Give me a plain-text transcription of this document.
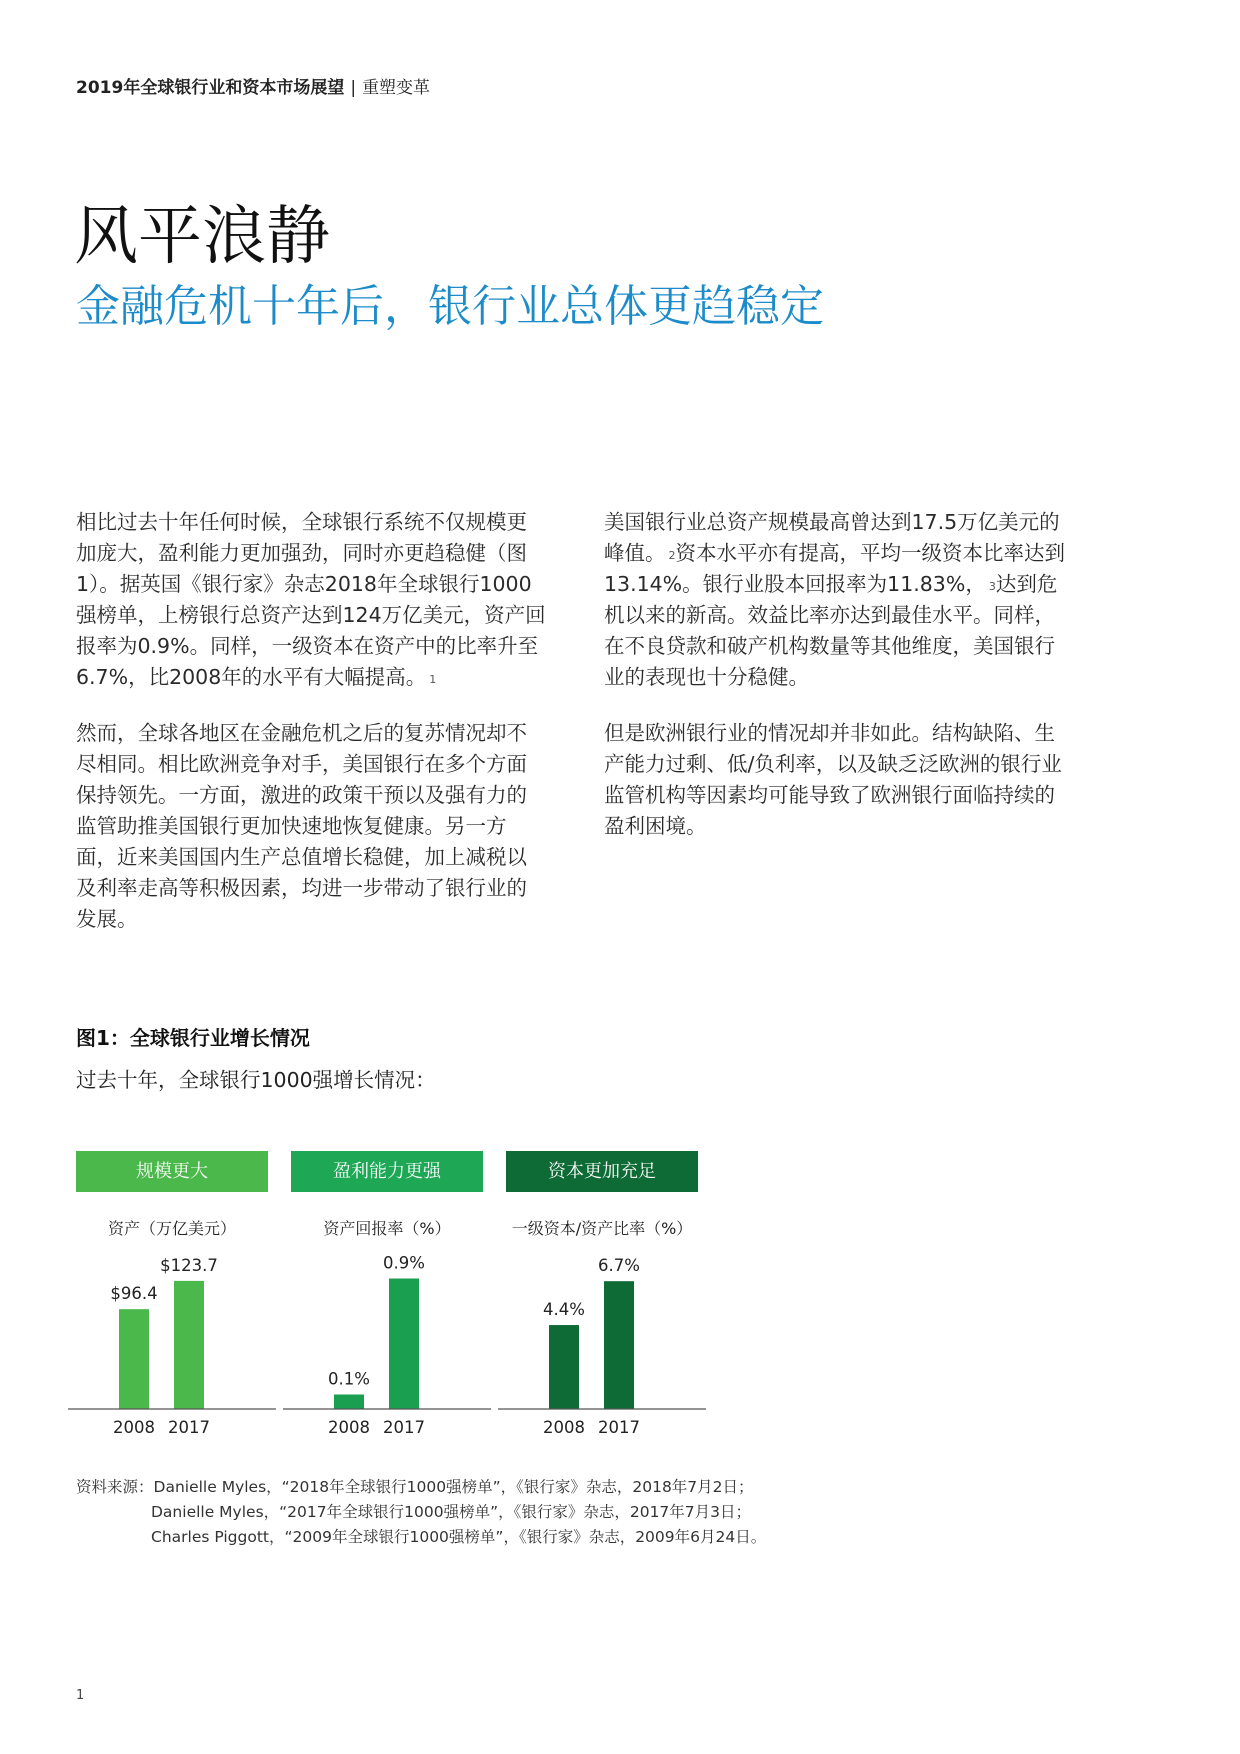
2019年全球银行业和资本市场展望 | 重塑变革
风平浪静
金融危机十年后，银行业总体更趋稳定

相比过去十年任何时候，全球银行系统不仅规模更加庞大，盈利能力更加强劲，同时亦更趋稳健（图1）。据英国《银行家》杂志2018年全球银行1000强榜单，上榜银行总资产达到124万亿美元，资产回报率为0.9%。同样，一级资本在资产中的比率升至6.7%，比2008年的水平有大幅提高。 $^1$

然而，全球各地区在金融危机之后的复苏情况却不尽相同。相比欧洲竞争对手，美国银行在多个方面保持领先。一方面，激进的政策干预以及强有力的监管助推美国银行更加快速地恢复健康。另一方面，近来美国国内生产总值增长稳健，加上减税以及利率走高等积极因素，均进一步带动了银行业的发展。

美国银行业总资产规模最高曾达到17.5万亿美元的峰值。 $^2$资本水平亦有提高，平均一级资本比率达到13.14%。银行业股本回报率为11.83%， $^3$达到危机以来的新高。效益比率亦达到最佳水平。同样，在不良贷款和破产机构数量等其他维度，美国银行业的表现也十分稳健。

但是欧洲银行业的情况却并非如此。结构缺陷、生产能力过剩、低/负利率，以及缺乏泛欧洲的银行业监管机构等因素均可能导致了欧洲银行面临持续的盈利困境。

图1：全球银行业增长情况
过去十年，全球银行1000强增长情况：
规模更大
资产（万亿美元）
$96.4
2008
$123.7
2017
盈利能力更强
资产回报率（%）
0.1%
2008
0.9%
2017
资本更加充足
一级资本/资产比率（%）
4.4%
2008
6.7%
2017
资料来源：Danielle Myles，“2018年全球银行1000强榜单”，《银行家》杂志，2018年7月2日；
Danielle Myles，“2017年全球银行1000强榜单”，《银行家》杂志，2017年7月3日；
Charles Piggott，“2009年全球银行1000强榜单”，《银行家》杂志，2009年6月24日。
1
